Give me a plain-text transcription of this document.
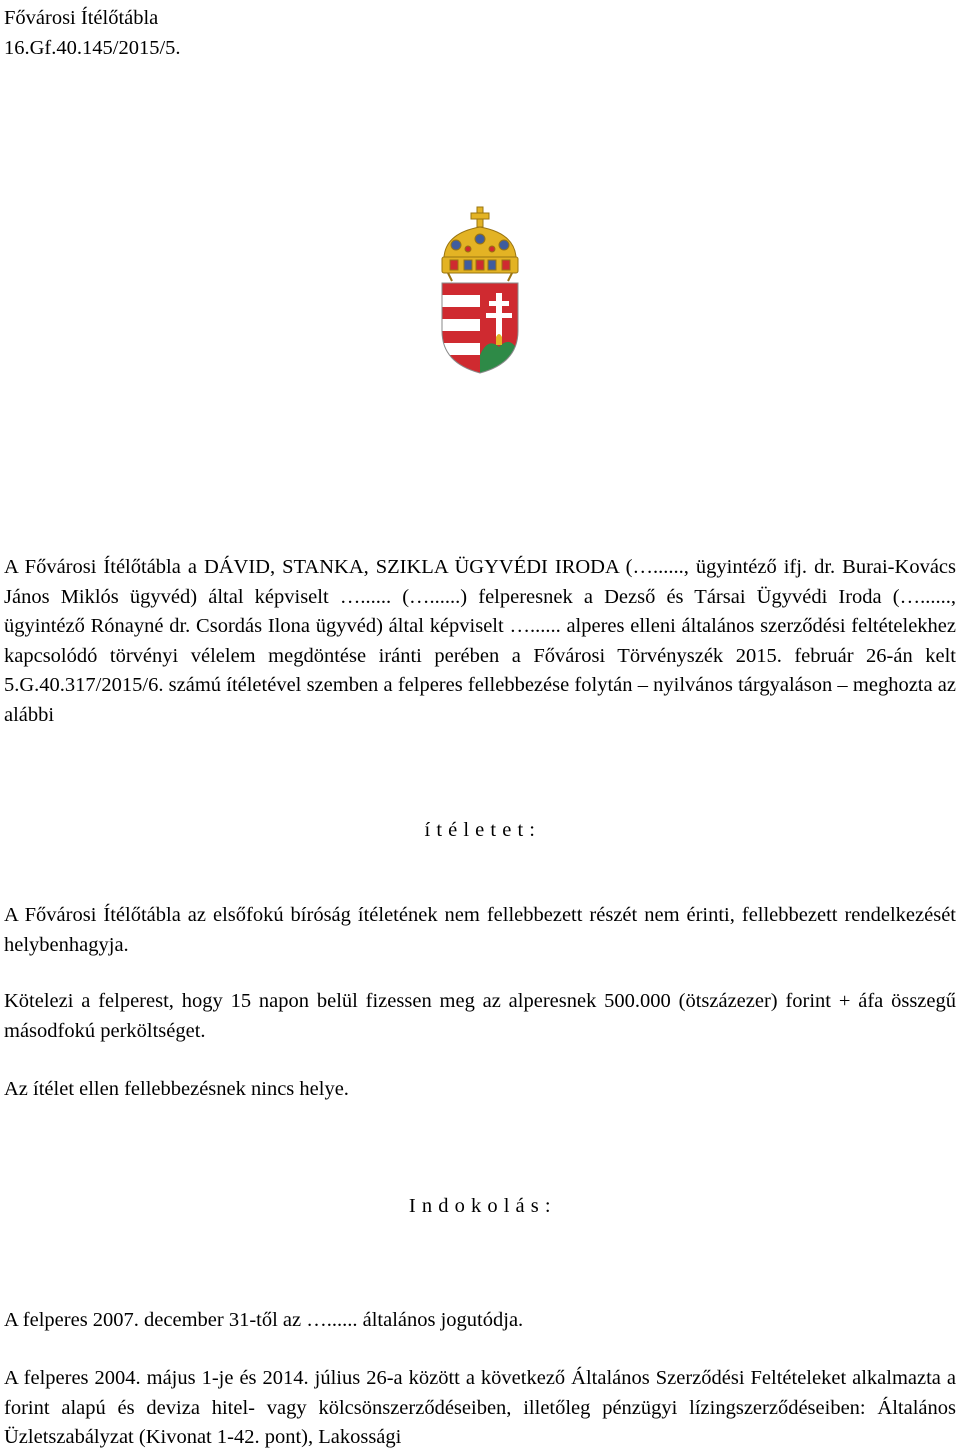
Fővárosi Ítélőtábla
16.Gf.40.145/2015/5.
A Fővárosi Ítélőtábla a DÁVID, STANKA, SZIKLA ÜGYVÉDI IRODA (…......, ügyintéző ifj. dr. Burai-Kovács János Miklós ügyvéd) által képviselt …...... (…......) felperesnek a Dezső és Társai Ügyvédi Iroda (…......, ügyintéző Rónayné dr. Csordás Ilona ügyvéd) által képviselt …...... alperes elleni általános szerződési feltételekhez kapcsolódó törvényi vélelem megdöntése iránti perében a Fővárosi Törvényszék 2015. február 26-án kelt 5.G.40.317/2015/6. számú ítéletével szemben a felperes fellebbezése folytán – nyilvános tárgyaláson – meghozta az alábbi
í t é l e t e t :
A Fővárosi Ítélőtábla az elsőfokú bíróság ítéletének nem fellebbezett részét nem érinti, fellebbezett rendelkezését helybenhagyja.
Kötelezi a felperest, hogy 15 napon belül fizessen meg az alperesnek 500.000 (ötszázezer) forint + áfa összegű másodfokú perköltséget.
Az ítélet ellen fellebbezésnek nincs helye.
I n d o k o l á s :
A felperes 2007. december 31-től az …...... általános jogutódja.
A felperes 2004. május 1-je és 2014. július 26-a között a következő Általános Szerződési Feltételeket alkalmazta a forint alapú és deviza hitel- vagy kölcsönszerződéseiben, illetőleg pénzügyi lízingszerződéseiben: Általános Üzletszabályzat (Kivonat 1-42. pont), Lakossági
